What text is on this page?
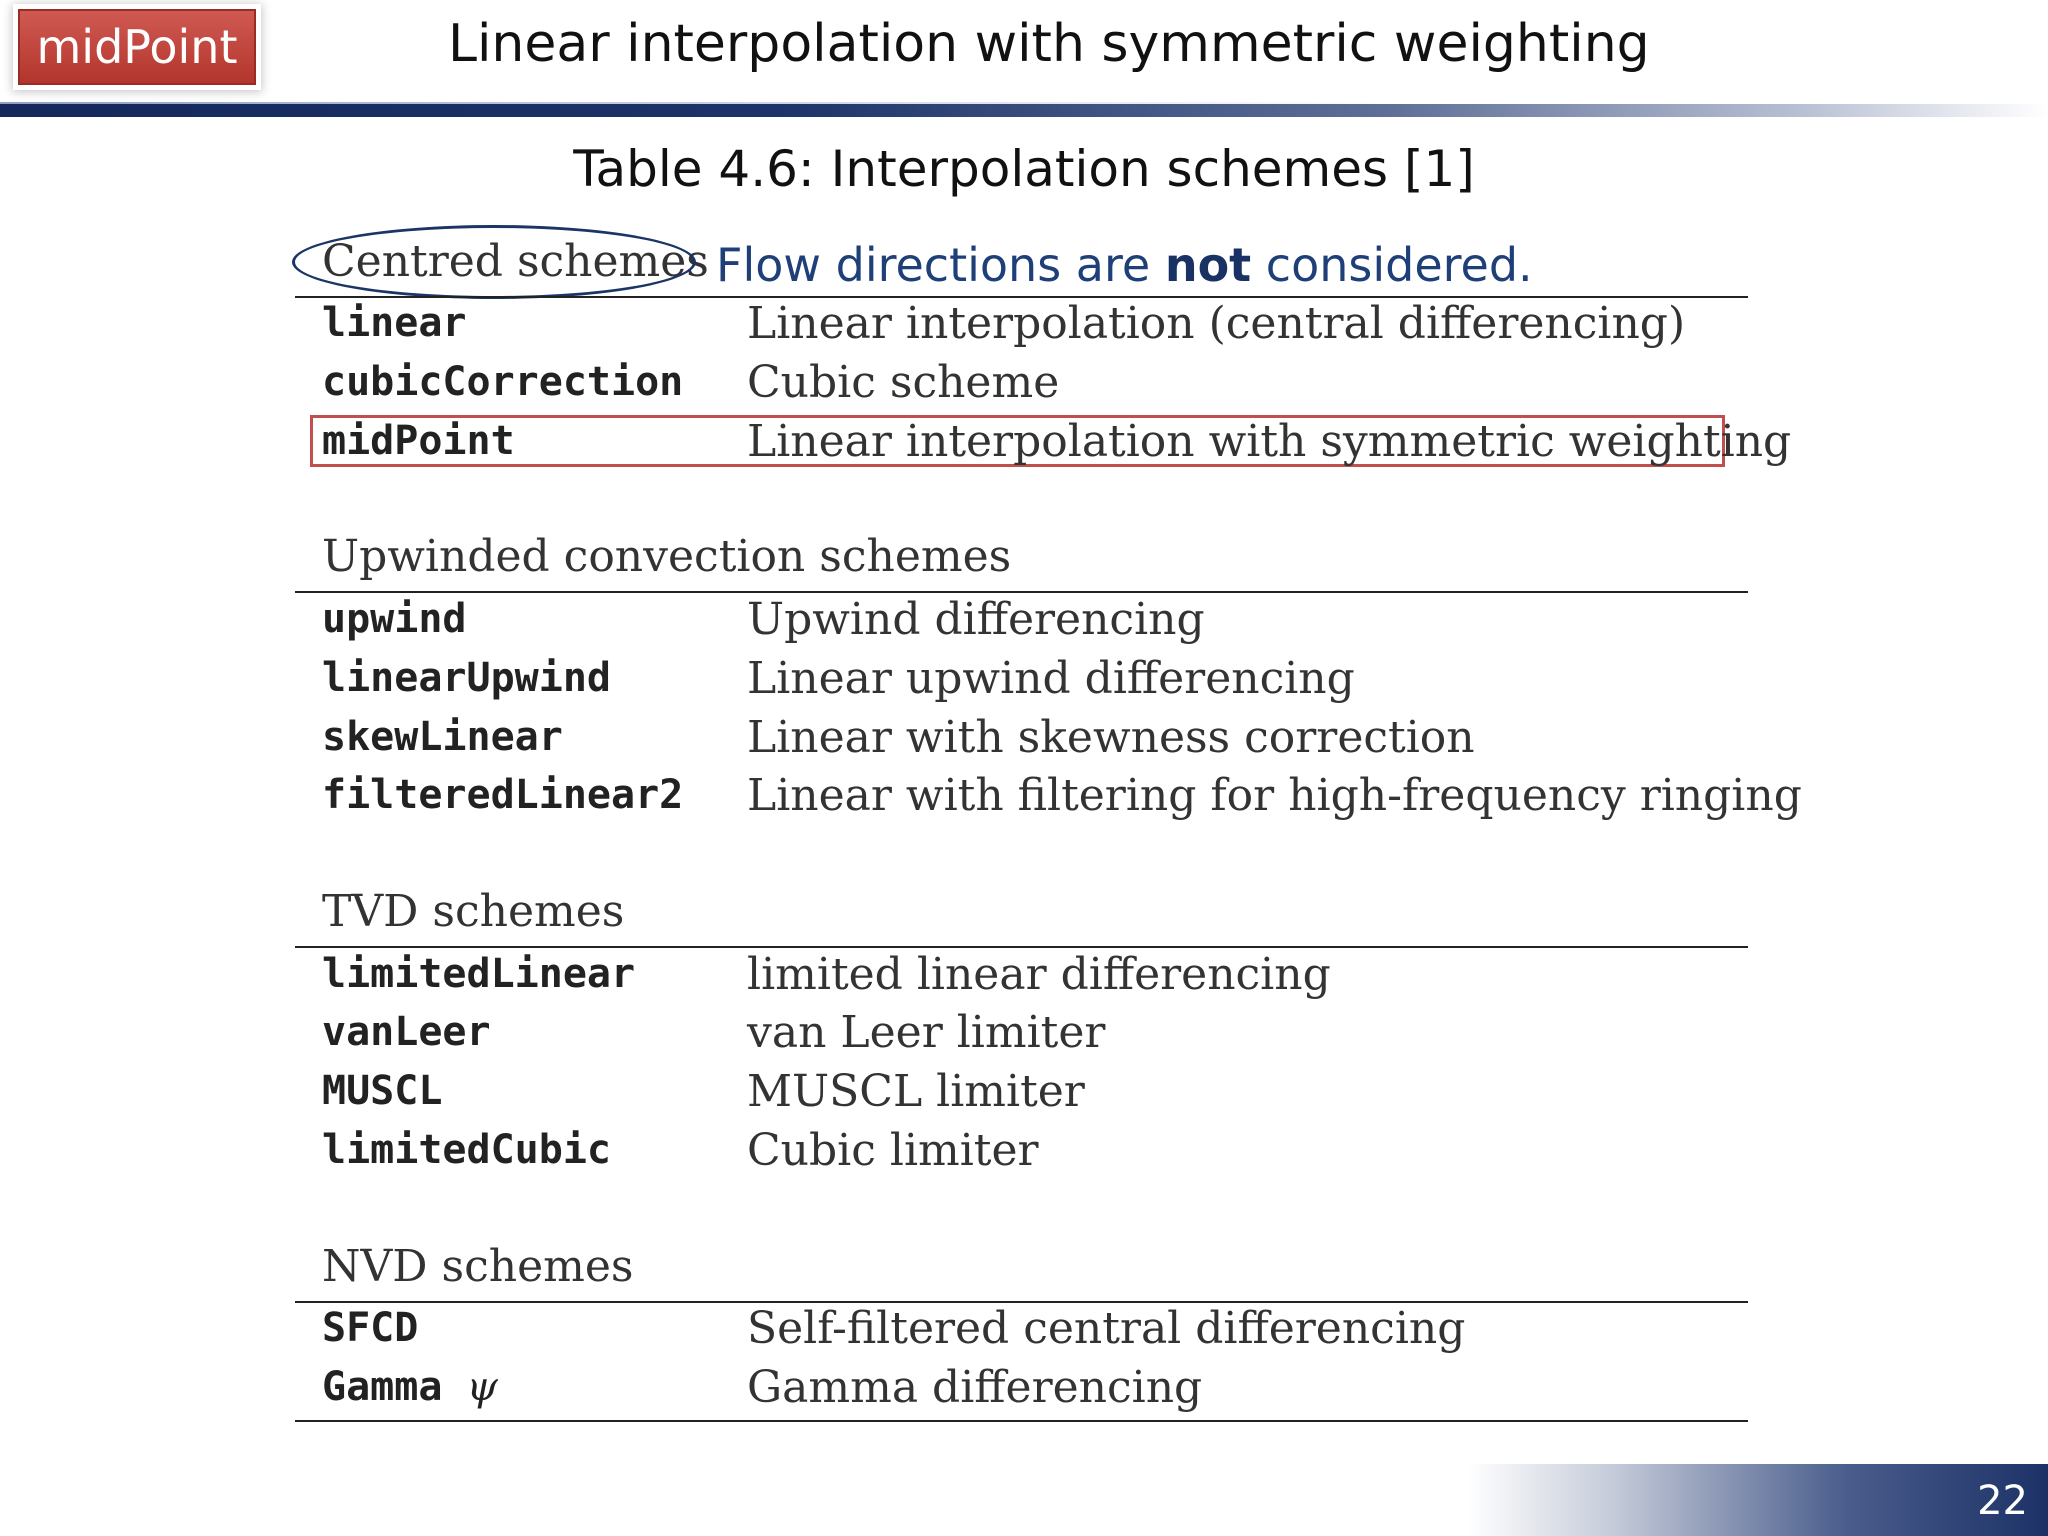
midPoint	Linear interpolation with symmetric weighting
Table 4.6: Interpolation schemes [1]
Centred schemes Flow directions are not considered.
linear	Linear interpolation (central differencing)
cubicCorrection Cubic scheme
midPoint	Linear interpolation with symmetric weighting
Upwinded convection schemes
upwind	Upwind differencing
linearUpwind	Linear upwind differencing
skewLinear	Linear with skewness correction
filteredLinear2 Linear with filtering for high-frequency ringing
TVD schemes
limitedLinear	limited linear differencing
vanLeer	van Leer limiter
MUSCL	MUSCL limiter
limitedCubic	Cubic limiter
NVD schemes
SFCD	Self-filtered central differencing
Gamma ψ	Gamma differencing
22
